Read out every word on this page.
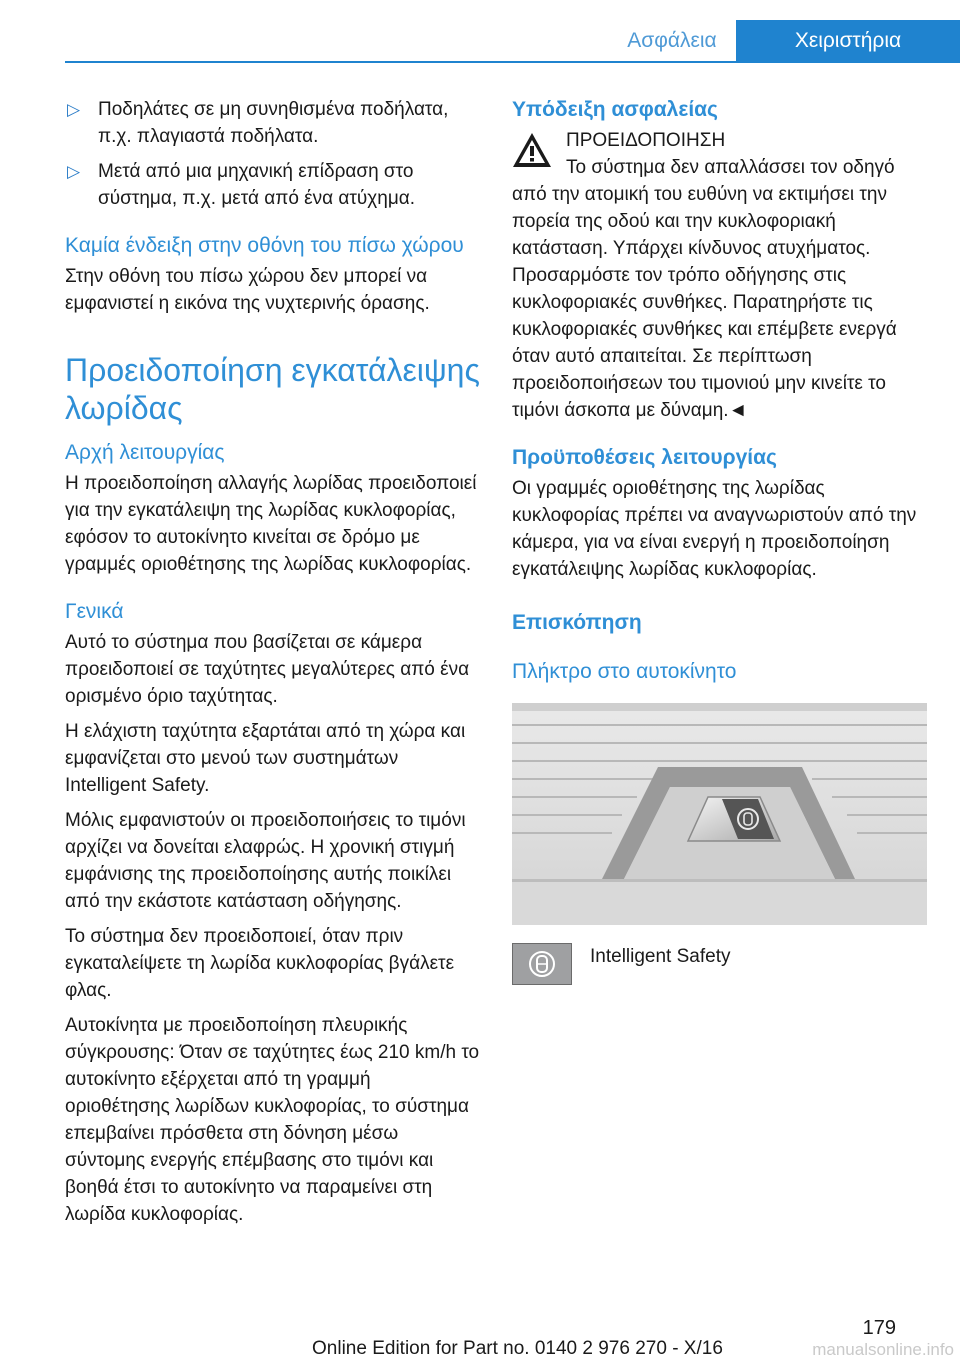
Ασφάλεια	Χειριστήρια
▷ Ποδηλάτες σε μη συνηθισμένα ποδήλατα, π.χ. πλαγιαστά ποδήλατα.
▷ Μετά από μια μηχανική επίδραση στο σύστημα, π.χ. μετά από ένα ατύχημα.
Καμία ένδειξη στην οθόνη του πίσω χώρου

Στην οθόνη του πίσω χώρου δεν μπορεί να εμφανιστεί η εικόνα της νυχτερινής όρασης.

Προειδοποίηση εγκατάλειψης λωρίδας
Αρχή λειτουργίας

Η προειδοποίηση αλλαγής λωρίδας προειδοποιεί για την εγκατάλειψη της λωρίδας κυκλοφορίας, εφόσον το αυτοκίνητο κινείται σε δρόμο με γραμμές οριοθέτησης της λωρίδας κυκλοφορίας.

Γενικά

Αυτό το σύστημα που βασίζεται σε κάμερα προειδοποιεί σε ταχύτητες μεγαλύτερες από ένα ορισμένο όριο ταχύτητας.

Η ελάχιστη ταχύτητα εξαρτάται από τη χώρα και εμφανίζεται στο μενού των συστημάτων Intelligent Safety.

Μόλις εμφανιστούν οι προειδοποιήσεις το τιμόνι αρχίζει να δονείται ελαφρώς. Η χρονική στιγμή εμφάνισης της προειδοποίησης αυτής ποικίλει από την εκάστοτε κατάσταση οδήγησης.

Το σύστημα δεν προειδοποιεί, όταν πριν εγκαταλείψετε τη λωρίδα κυκλοφορίας βγάλετε φλας.

Αυτοκίνητα με προειδοποίηση πλευρικής σύγκρουσης: Όταν σε ταχύτητες έως 210 km/h το αυτοκίνητο εξέρχεται από τη γραμμή οριοθέτησης λωρίδων κυκλοφορίας, το σύστημα επεμβαίνει πρόσθετα στη δόνηση μέσω σύντομης ενεργής επέμβασης στο τιμόνι και βοηθά έτσι το αυτοκίνητο να παραμείνει στη λωρίδα κυκλοφορίας.

Υπόδειξη ασφαλείας
ΠΡΟΕΙΔΟΠΟΙΗΣΗ

Το σύστημα δεν απαλλάσσει τον οδηγό από την ατομική του ευθύνη να εκτιμήσει την πορεία της οδού και την κυκλοφοριακή κατάσταση. Υπάρχει κίνδυνος ατυχήματος. Προσαρμόστε τον τρόπο οδήγησης στις κυκλοφοριακές συνθήκες. Παρατηρήστε τις κυκλοφοριακές συνθήκες και επέμβετε ενεργά όταν αυτό απαιτείται. Σε περίπτωση προειδοποιήσεων του τιμονιού μην κινείτε το τιμόνι άσκοπα με δύναμη.◄

Προϋποθέσεις λειτουργίας

Οι γραμμές οριοθέτησης της λωρίδας κυκλοφορίας πρέπει να αναγνωριστούν από την κάμερα, για να είναι ενεργή η προειδοποίηση εγκατάλειψης λωρίδας κυκλοφορίας.

Επισκόπηση
Πλήκτρο στο αυτοκίνητο
Intelligent Safety
179
Online Edition for Part no. 0140 2 976 270 - X/16	manualsonline.info
